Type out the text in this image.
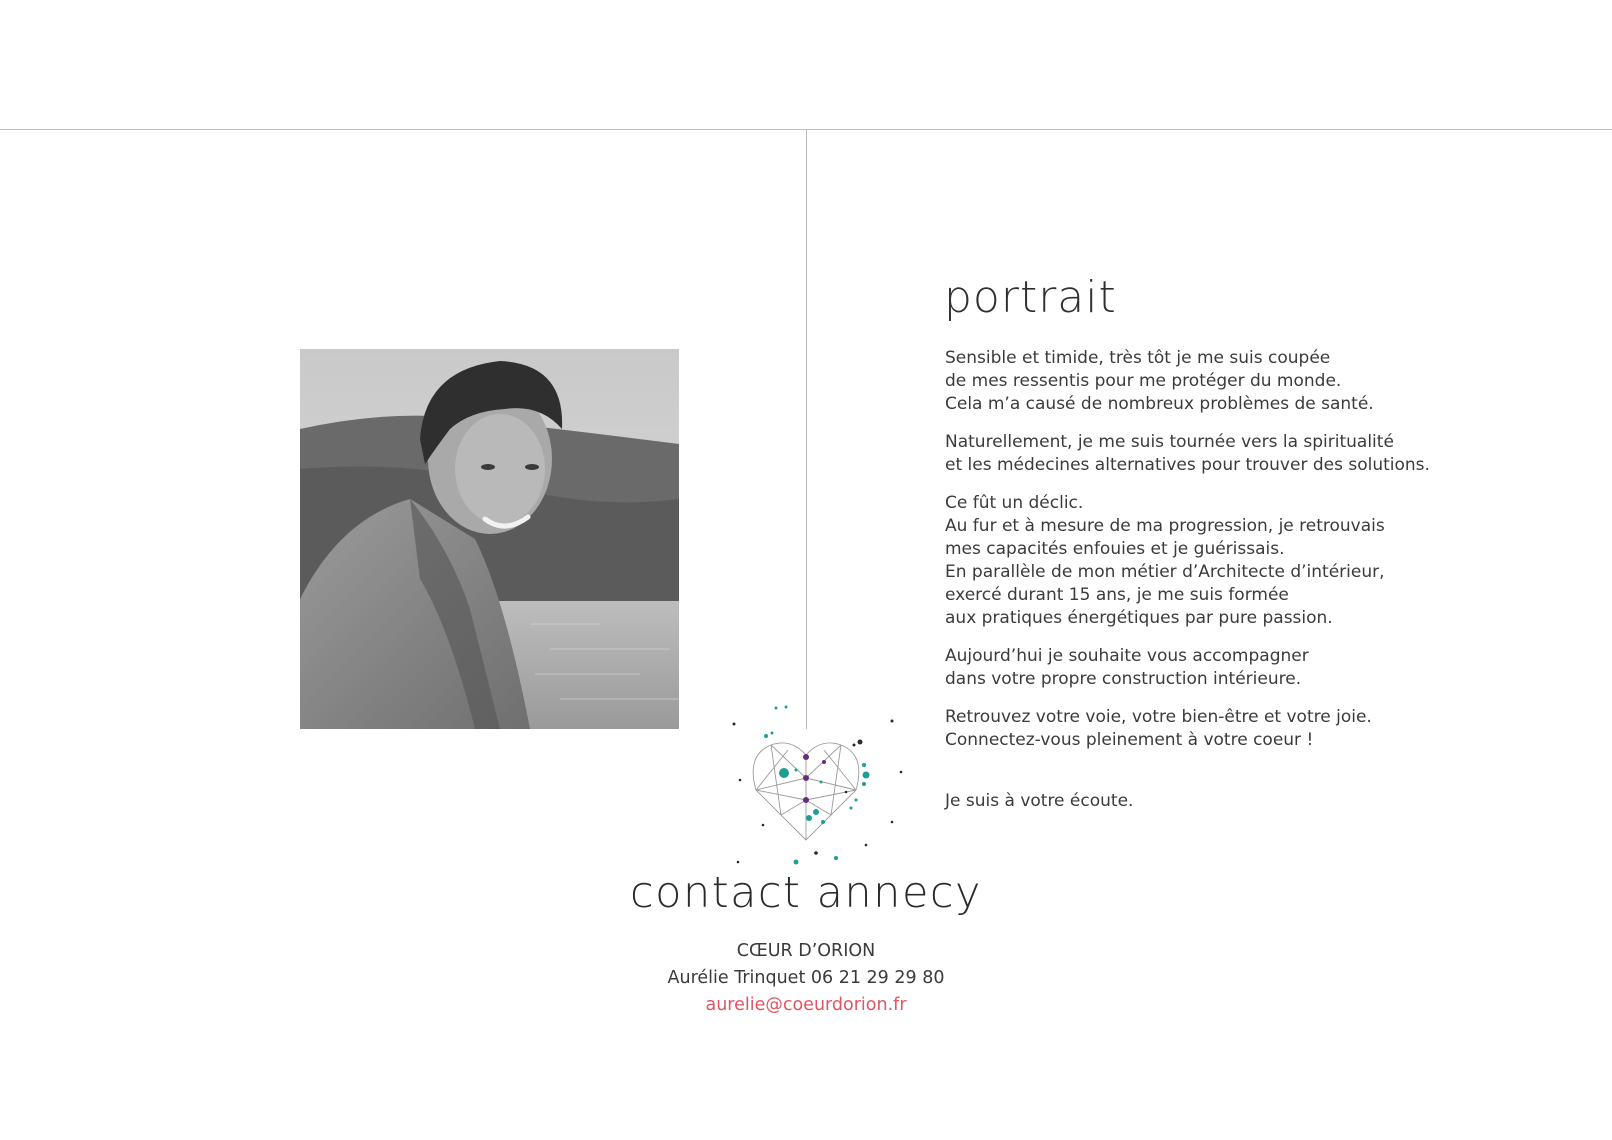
portrait

Sensible et timide, très tôt je me suis coupée
de mes ressentis pour me protéger du monde.
Cela m’a causé de nombreux problèmes de santé.

Naturellement, je me suis tournée vers la spiritualité
et les médecines alternatives pour trouver des solutions.

Ce fût un déclic.
Au fur et à mesure de ma progression, je retrouvais
mes capacités enfouies et je guérissais.
En parallèle de mon métier d’Architecte d’intérieur,
exercé durant 15 ans, je me suis formée
aux pratiques énergétiques par pure passion.

Aujourd’hui je souhaite vous accompagner
dans votre propre construction intérieure.

Retrouvez votre voie, votre bien-être et votre joie.
Connectez-vous pleinement à votre coeur !

Je suis à votre écoute.

contact annecy
CŒUR D’ORION
Aurélie Trinquet 06 21 29 29 80
aurelie@coeurdorion.fr
